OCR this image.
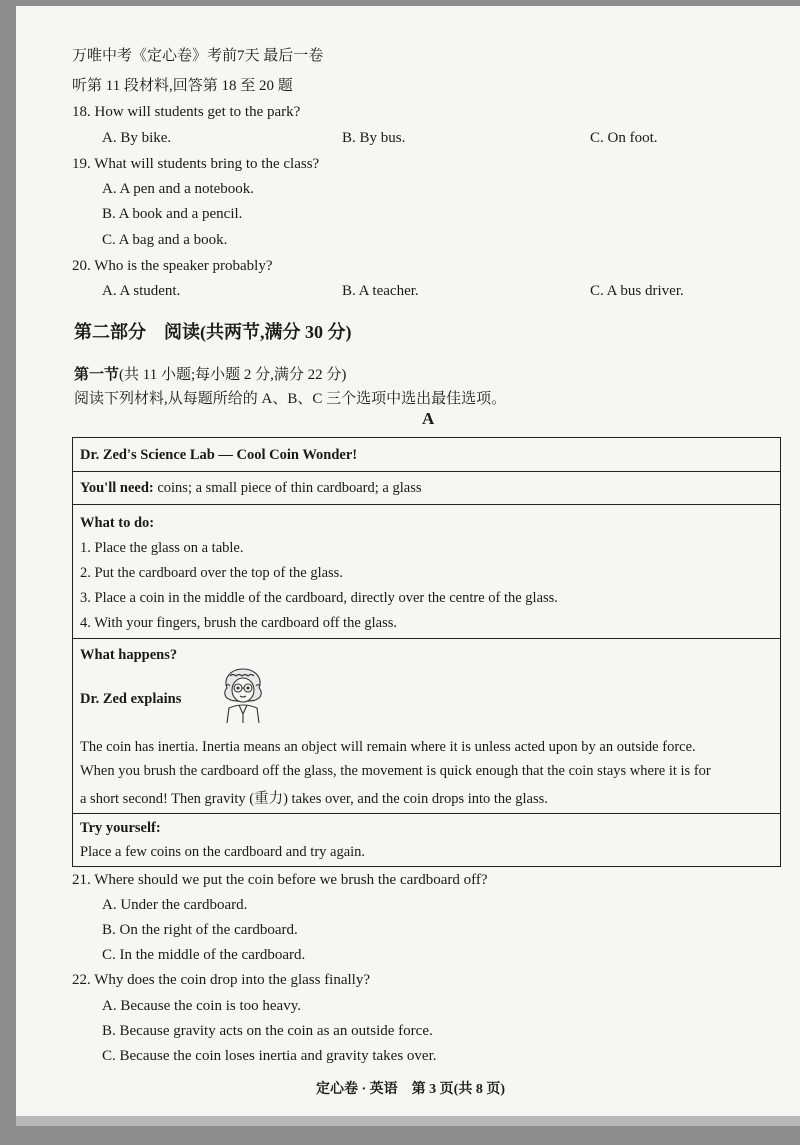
万唯中考《定心卷》考前7天 最后一卷
听第 11 段材料,回答第 18 至 20 题
18. How will students get to the park?
A. By bike.	B. By bus.	C. On foot.
19. What will students bring to the class?
A. A pen and a notebook.
B. A book and a pencil.
C. A bag and a book.
20. Who is the speaker probably?
A. A student.	B. A teacher.	C. A bus driver.
第二部分　阅读(共两节,满分 30 分)
第一节(共 11 小题;每小题 2 分,满分 22 分)
阅读下列材料,从每题所给的 A、B、C 三个选项中选出最佳选项。
A
Dr. Zed's Science Lab — Cool Coin Wonder!
You'll need: coins; a small piece of thin cardboard; a glass
What to do:
1. Place the glass on a table.
2. Put the cardboard over the top of the glass.
3. Place a coin in the middle of the cardboard, directly over the centre of the glass.
4. With your fingers, brush the cardboard off the glass.
What happens?
Dr. Zed explains
The coin has inertia. Inertia means an object will remain where it is unless acted upon by an outside force.
When you brush the cardboard off the glass, the movement is quick enough that the coin stays where it is for
a short second! Then gravity (重力) takes over, and the coin drops into the glass.
Try yourself:
Place a few coins on the cardboard and try again.
21. Where should we put the coin before we brush the cardboard off?
A. Under the cardboard.
B. On the right of the cardboard.
C. In the middle of the cardboard.
22. Why does the coin drop into the glass finally?
A. Because the coin is too heavy.
B. Because gravity acts on the coin as an outside force.
C. Because the coin loses inertia and gravity takes over.
定心卷 · 英语　第 3 页(共 8 页)
